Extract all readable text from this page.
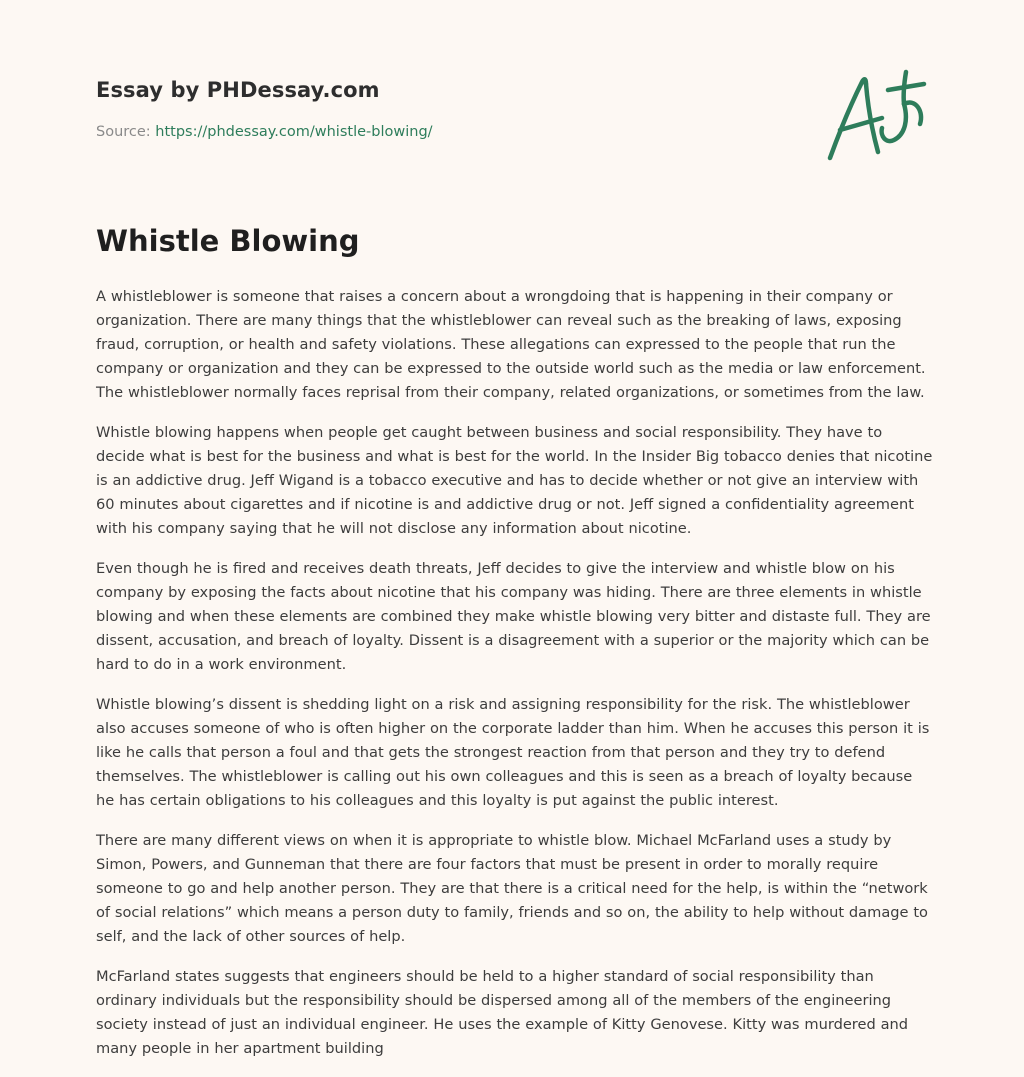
Essay by PHDessay.com
Source: https://phdessay.com/whistle-blowing/
Whistle Blowing

A whistleblower is someone that raises a concern about a wrongdoing that is happening in their company or organization. There are many things that the whistleblower can reveal such as the breaking of laws, exposing fraud, corruption, or health and safety violations. These allegations can expressed to the people that run the company or organization and they can be expressed to the outside world such as the media or law enforcement. The whistleblower normally faces reprisal from their company, related organizations, or sometimes from the law.

Whistle blowing happens when people get caught between business and social responsibility. They have to decide what is best for the business and what is best for the world. In the Insider Big tobacco denies that nicotine is an addictive drug. Jeff Wigand is a tobacco executive and has to decide whether or not give an interview with 60 minutes about cigarettes and if nicotine is and addictive drug or not. Jeff signed a confidentiality agreement with his company saying that he will not disclose any information about nicotine.

Even though he is fired and receives death threats, Jeff decides to give the interview and whistle blow on his company by exposing the facts about nicotine that his company was hiding. There are three elements in whistle blowing and when these elements are combined they make whistle blowing very bitter and distaste full. They are dissent, accusation, and breach of loyalty. Dissent is a disagreement with a superior or the majority which can be hard to do in a work environment.

Whistle blowing’s dissent is shedding light on a risk and assigning responsibility for the risk. The whistleblower also accuses someone of who is often higher on the corporate ladder than him. When he accuses this person it is like he calls that person a foul and that gets the strongest reaction from that person and they try to defend themselves. The whistleblower is calling out his own colleagues and this is seen as a breach of loyalty because he has certain obligations to his colleagues and this loyalty is put against the public interest.

There are many different views on when it is appropriate to whistle blow. Michael McFarland uses a study by Simon, Powers, and Gunneman that there are four factors that must be present in order to morally require someone to go and help another person. They are that there is a critical need for the help, is within the “network of social relations” which means a person duty to family, friends and so on, the ability to help without damage to self, and the lack of other sources of help.

McFarland states suggests that engineers should be held to a higher standard of social responsibility than ordinary individuals but the responsibility should be dispersed among all of the members of the engineering society instead of just an individual engineer. He uses the example of Kitty Genovese. Kitty was murdered and many people in her apartment building
